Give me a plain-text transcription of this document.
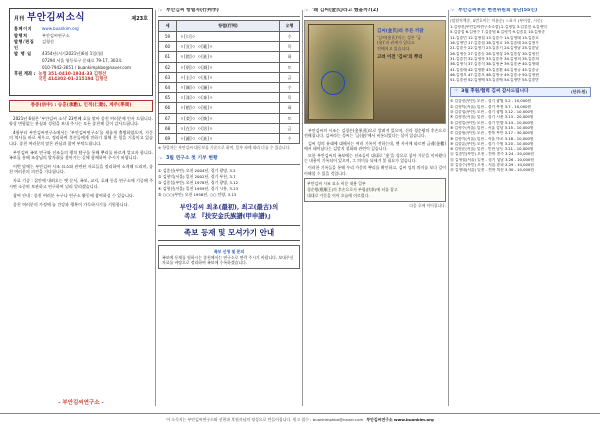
月刊 부안김씨소식	제23호
홈페이지	www.buankim.org
발행처	부안김씨연구소
발행/편집인
김형선
발 행 일	4354년(서기2021년)6월 1일(월)
07294 서울 영등포구 문래로 79-17, 303호
010-7942-3651 / buankimpkbo@naver.com
후원 계좌 : 농협 351-0410-1934-33 김형선
국민 414302-01-215194 김형선
종중(宗中) : 승훈(承勳), 인적(仁勣), 계주(季周)
2021년 6월은 '부안김씨 소식' 23번째 호를 맞아 종친 여러분께 인사 드립니다. 항상 변함없는 관심과 성원을 보내 주시는 모든 종친께 깊이 감사드립니다.
4월부터 부안김씨연구소에서는 '부안김씨연구소'를 새롭게 출범하였으며, 가문의 역사를 바로 세우고, 정리하여 후손들에게 전하기 위해 온 힘을 기울이고 있습니다. 종친 여러분의 많은 관심과 참여 부탁드립니다.
부안김씨 족보 연구와 선조들의 행적 탐구를 통해 뿌리를 바르게 알고자 합니다. 족보를 통해 조상님의 발자취를 찾아가는 길에 함께하여 주시기 바랍니다.
이번 달에는 부안김씨 시조 묘소와 관련된 자료들을 정리하여 소개해 드리며, 종친 여러분의 의견을 기다립니다.
자료 기증 : 집안에 내려오는 옛 문서, 족보, 교지, 호패 등을 연구소에 기증해 주시면 소중히 보관하고 연구하여 널리 알리겠습니다.
참여 안내 : 종친 여러분 누구나 연구소 활동에 참여하실 수 있습니다.
종친 여러분의 가정에 늘 건강과 행복이 가득하시기를 기원합니다.
- 부안김씨연구소 -
☞ 부안김씨 항렬자(行列字)
세	항렬(行列)	오행
59	ㅇ[㈂]ㅇ	수
60	ㅇ[宣]ㅇ ㅇ[範]ㅇ	목
61	ㅇ[鎔]ㅇ ㅇ[鉉]ㅇ	화
62	ㅇ[炳]ㅇ ㅇ[炯]ㅇ	토
63	ㅇ[圭]ㅇ ㅇ[基]ㅇ	금
64	ㅇ[鎭]ㅇ ㅇ[錫]ㅇ	수
65	ㅇ[洙]ㅇ ㅇ[泰]ㅇ	목
66	ㅇ[植]ㅇ ㅇ[根]ㅇ	화
67	ㅇ[榮]ㅇ ㅇ[煥]ㅇ	토
68	ㅇ[在]ㅇ ㅇ[培]ㅇ	금
69	ㅇ[鍾]ㅇ ㅇ[鉉]ㅇ	수
※ 항렬자는 부안김씨 대동보를 기준으로 하며, 일부 파에 따라 다를 수 있습니다.
☞ 3월 연구소 첫 기부 현황
① 김종선(부안) 오천 2004년, 경기 광명, 3.2
② 김형덕(서울) 일천 2002년, 경기 부천, 3.7
③ 김종섭(부안) 오천 1978년, 경기 광명, 3.12
④ 김형선(서울) 일천 1959년, 경기 시흥, 3.13
⑤ ○○○(부안) 오천 1956년, ○○ 안양, 3.13
부안김씨 최초(最初), 최고(最古)의
족보 『扶安金氏族譜(甲申譜)』
족보 등재 및 모셔가기 안내
족보 신청 및 문의
족보에 등재를 원하시는 종친께서는 연구소로 연락 주시기 바랍니다. 보내주신 자료를 바탕으로 정리하여 족보에 수록하겠습니다.
☞ '왜 김씨(金氏)라고 했을까?(2)
김씨(金氏)라 부른 까닭
'김씨(金氏)'라는 성은 '금
(金)'과 관계가 있다고
전해지고 있습니다.
고려 이전 '김씨'의 뿌리

부안김씨의 시조는 김경손(金景孫)으로 알려져 있으며, 신라 경순왕의 후손으로 전해집니다. 김씨라는 성씨는 '금(金)'에서 비롯되었다는 설이 있습니다.

김씨 성의 유래에 대해서는 여러 기록이 전하는데, 옛 사서에 따르면 금궤(金櫃)에서 태어났다는 김알지 설화와 관련이 깊습니다.

또한 부안김씨의 족보에는 선조들이 대대로 '金'을 성으로 삼아 가문을 이어왔다는 내용이 기록되어 있으며, 그 의미를 되새겨 볼 필요가 있습니다.

이러한 기록들을 통해 우리 가문의 뿌리를 확인하고, 김씨 성의 의미를 보다 깊이 이해할 수 있을 것입니다.

부안김씨 시조 묘소 비문 내용 일부
경순왕(敬順王)의 후손으로서 부령(扶寧)에 터를 잡고
대대로 가문을 이어 오늘에 이르렀다.
다음 호에 이어집니다.
☞ 부안김씨후손 변천위원회 명단(55인)
(임원직책순, 0번호이는 이름순) ☆표시 (부이장, 시중)
1.김형선(부안김씨연구소소장) 2.김형일 3.김종선 4.김형덕
5.김종섭 6.김형수 7.김종원 8.김형석 9.김종훈 10.김형준
11.김종민 12.김형철 13.김종수 14.김형태 15.김종호
16.김형민 17.김종철 18.김형호 19.김종태 20.김형우
21.김종우 22.김형기 23.김종기 24.김형남 25.김종남
26.김형동 27.김종동 28.김형상 29.김종상 30.김형진
31.김종진 32.김형록 33.김종록 34.김형희 35.김종희
36.김형식 37.김종식 38.김형곤 39.김종곤 40.김형래
41.김종래 42.김형환 43.김종환 44.김형규 45.김종규
46.김형오 47.김종오 48.김형국 49.김종국 50.김형권
51.김종권 52.김형배 53.김종배 54.김형만 55.김종만
☞ 3월 후원/협력 김씨 감사드립니다	(단위:원)
① 김종선(부안) 오천 - 경기 광명 3.2 - 10,000원
② 김형덕(서울) 일천 - 경기 부천 3.7 - 10,000원
③ 김종섭(부안) 오천 - 경기 광명 3.12 - 10,000원
④ 김형선(서울) 일천 - 경기 시흥 3.13 - 20,000원
⑤ 김형일(부안) 오천 - 경기 안양 3.14 - 10,000원
⑥ 김형수(서울) 일천 - 서울 강남 3.15 - 10,000원
⑦ 김종원(부안) 오천 - 전북 부안 3.17 - 30,000원
⑧ 김형석(서울) 일천 - 서울 마포 3.18 - 10,000원
⑨ 김종훈(부안) 오천 - 경기 수원 3.20 - 10,000원
⑩ 김형준(서울) 일천 - 인천 남동 3.21 - 10,000원
⑪ 김종민(부안) 오천 - 전북 전주 3.24 - 20,000원
⑫ 김형철(서울) 일천 - 경기 성남 3.26 - 10,000원
⑬ 김종수(부안) 오천 - 서울 송파 3.29 - 10,000원
⑭ 김형태(서울) 일천 - 전북 익산 3.30 - 10,000원
이 소식지는 부안김씨연구소와 선현과 후원자님의 정성으로 만들어집니다. 원고 접수 : buankimpkbo@naver.com 부안김씨연구소 www.buankim.org
